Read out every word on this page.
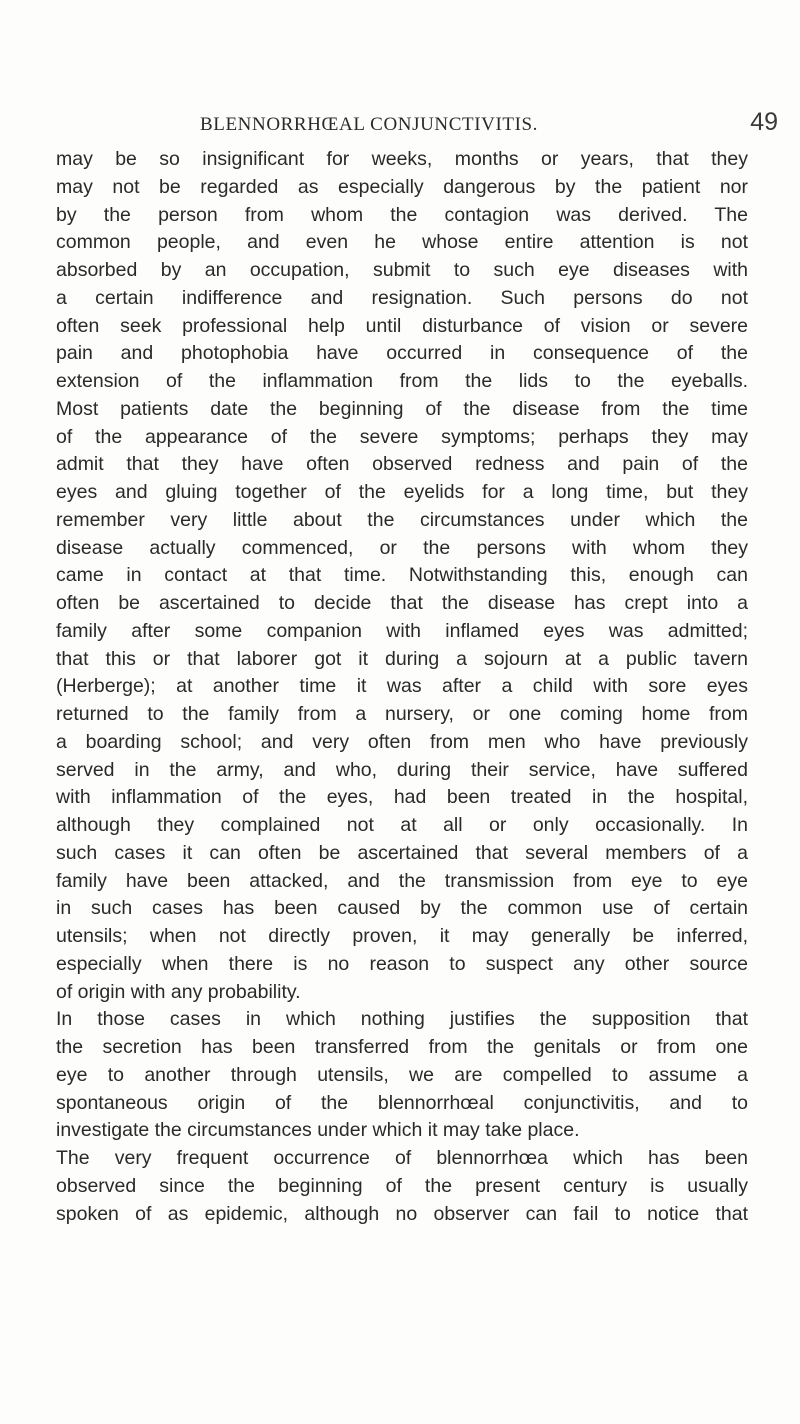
BLENNORRHŒAL CONJUNCTIVITIS.	49
may be so insignificant for weeks, months or years, that they
may not be regarded as especially dangerous by the patient nor
by the person from whom the contagion was derived. The
common people, and even he whose entire attention is not
absorbed by an occupation, submit to such eye diseases with
a certain indifference and resignation. Such persons do not
often seek professional help until disturbance of vision or severe
pain and photophobia have occurred in consequence of the
extension of the inflammation from the lids to the eyeballs.
Most patients date the beginning of the disease from the time
of the appearance of the severe symptoms; perhaps they may
admit that they have often observed redness and pain of the
eyes and gluing together of the eyelids for a long time, but they
remember very little about the circumstances under which the
disease actually commenced, or the persons with whom they
came in contact at that time. Notwithstanding this, enough can
often be ascertained to decide that the disease has crept into a
family after some companion with inflamed eyes was admitted;
that this or that laborer got it during a sojourn at a public tavern
(Herberge); at another time it was after a child with sore eyes
returned to the family from a nursery, or one coming home from
a boarding school; and very often from men who have previously
served in the army, and who, during their service, have suffered
with inflammation of the eyes, had been treated in the hospital,
although they complained not at all or only occasionally. In
such cases it can often be ascertained that several members of a
family have been attacked, and the transmission from eye to eye
in such cases has been caused by the common use of certain
utensils; when not directly proven, it may generally be inferred,
especially when there is no reason to suspect any other source
of origin with any probability.
In those cases in which nothing justifies the supposition that
the secretion has been transferred from the genitals or from one
eye to another through utensils, we are compelled to assume a
spontaneous origin of the blennorrhœal conjunctivitis, and to
investigate the circumstances under which it may take place.
The very frequent occurrence of blennorrhœa which has been
observed since the beginning of the present century is usually
spoken of as epidemic, although no observer can fail to notice that
